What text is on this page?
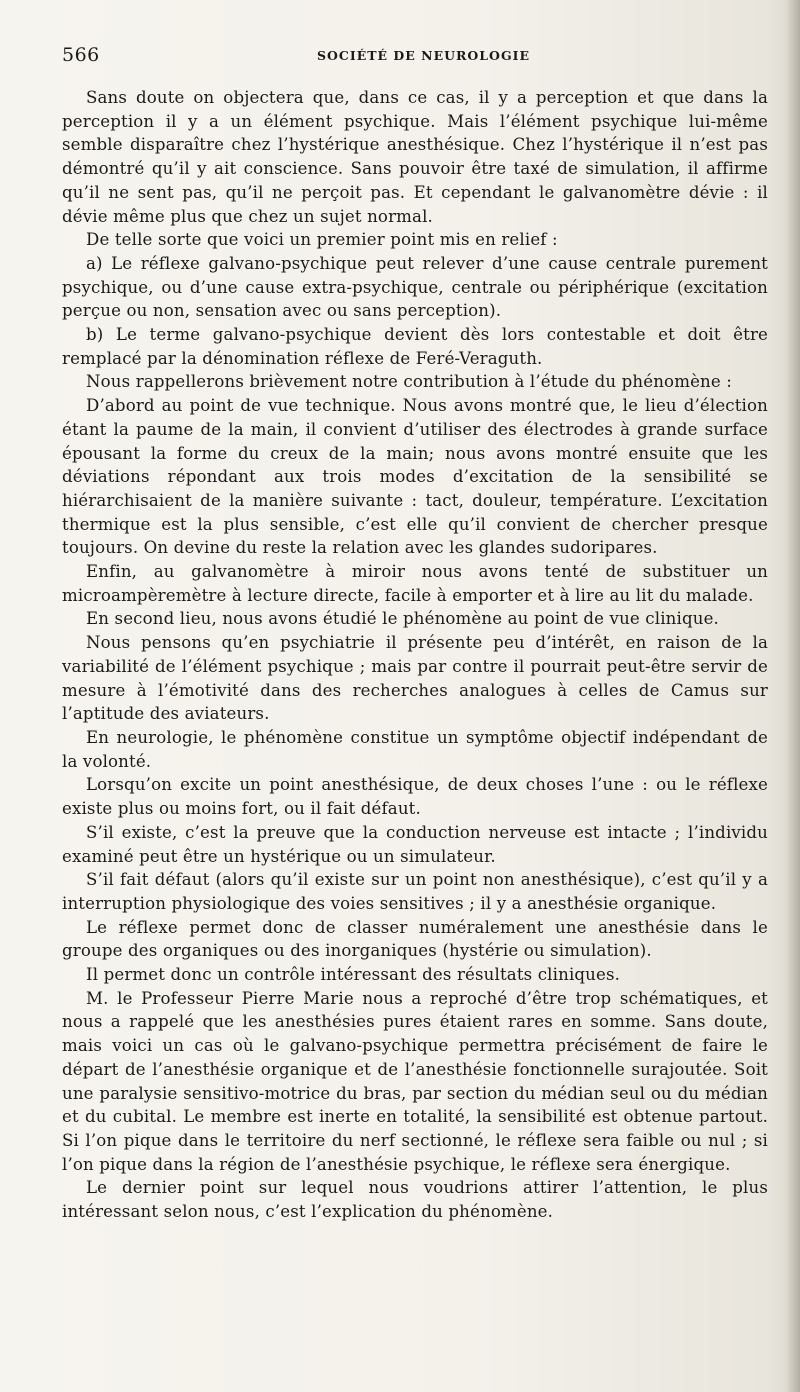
566	SOCIÉTÉ DE NEUROLOGIE

Sans doute on objectera que, dans ce cas, il y a perception et que dans la perception il y a un élément psychique. Mais l’élément psychique lui-même semble disparaître chez l’hystérique anesthésique. Chez l’hystérique il n’est pas démontré qu’il y ait conscience. Sans pouvoir être taxé de simulation, il affirme qu’il ne sent pas, qu’il ne perçoit pas. Et cependant le galvanomètre dévie : il dévie même plus que chez un sujet normal.

De telle sorte que voici un premier point mis en relief :

a) Le réflexe galvano-psychique peut relever d’une cause centrale purement psychique, ou d’une cause extra-psychique, centrale ou périphérique (excitation perçue ou non, sensation avec ou sans perception).

b) Le terme galvano-psychique devient dès lors contestable et doit être remplacé par la dénomination réflexe de Feré-Veraguth.

Nous rappellerons brièvement notre contribution à l’étude du phénomène :

D’abord au point de vue technique. Nous avons montré que, le lieu d’élection étant la paume de la main, il convient d’utiliser des électrodes à grande surface épousant la forme du creux de la main; nous avons montré ensuite que les déviations répondant aux trois modes d’excitation de la sensibilité se hiérarchisaient de la manière suivante : tact, douleur, température. L’excitation thermique est la plus sensible, c’est elle qu’il convient de chercher presque toujours. On devine du reste la relation avec les glandes sudoripares.

Enfin, au galvanomètre à miroir nous avons tenté de substituer un microampèremètre à lecture directe, facile à emporter et à lire au lit du malade.

En second lieu, nous avons étudié le phénomène au point de vue clinique.

Nous pensons qu’en psychiatrie il présente peu d’intérêt, en raison de la variabilité de l’élément psychique ; mais par contre il pourrait peut-être servir de mesure à l’émotivité dans des recherches analogues à celles de Camus sur l’aptitude des aviateurs.

En neurologie, le phénomène constitue un symptôme objectif indépendant de la volonté.

Lorsqu’on excite un point anesthésique, de deux choses l’une : ou le réflexe existe plus ou moins fort, ou il fait défaut.

S’il existe, c’est la preuve que la conduction nerveuse est intacte ; l’individu examiné peut être un hystérique ou un simulateur.

S’il fait défaut (alors qu’il existe sur un point non anesthésique), c’est qu’il y a interruption physiologique des voies sensitives ; il y a anesthésie organique.

Le réflexe permet donc de classer numéralement une anesthésie dans le groupe des organiques ou des inorganiques (hystérie ou simulation).

Il permet donc un contrôle intéressant des résultats cliniques.

M. le Professeur Pierre Marie nous a reproché d’être trop schématiques, et nous a rappelé que les anesthésies pures étaient rares en somme. Sans doute, mais voici un cas où le galvano-psychique permettra précisément de faire le départ de l’anesthésie organique et de l’anesthésie fonctionnelle surajoutée. Soit une paralysie sensitivo-motrice du bras, par section du médian seul ou du médian et du cubital. Le membre est inerte en totalité, la sensibilité est obtenue partout. Si l’on pique dans le territoire du nerf sectionné, le réflexe sera faible ou nul ; si l’on pique dans la région de l’anesthésie psychique, le réflexe sera énergique.

Le dernier point sur lequel nous voudrions attirer l’attention, le plus intéressant selon nous, c’est l’explication du phénomène.
